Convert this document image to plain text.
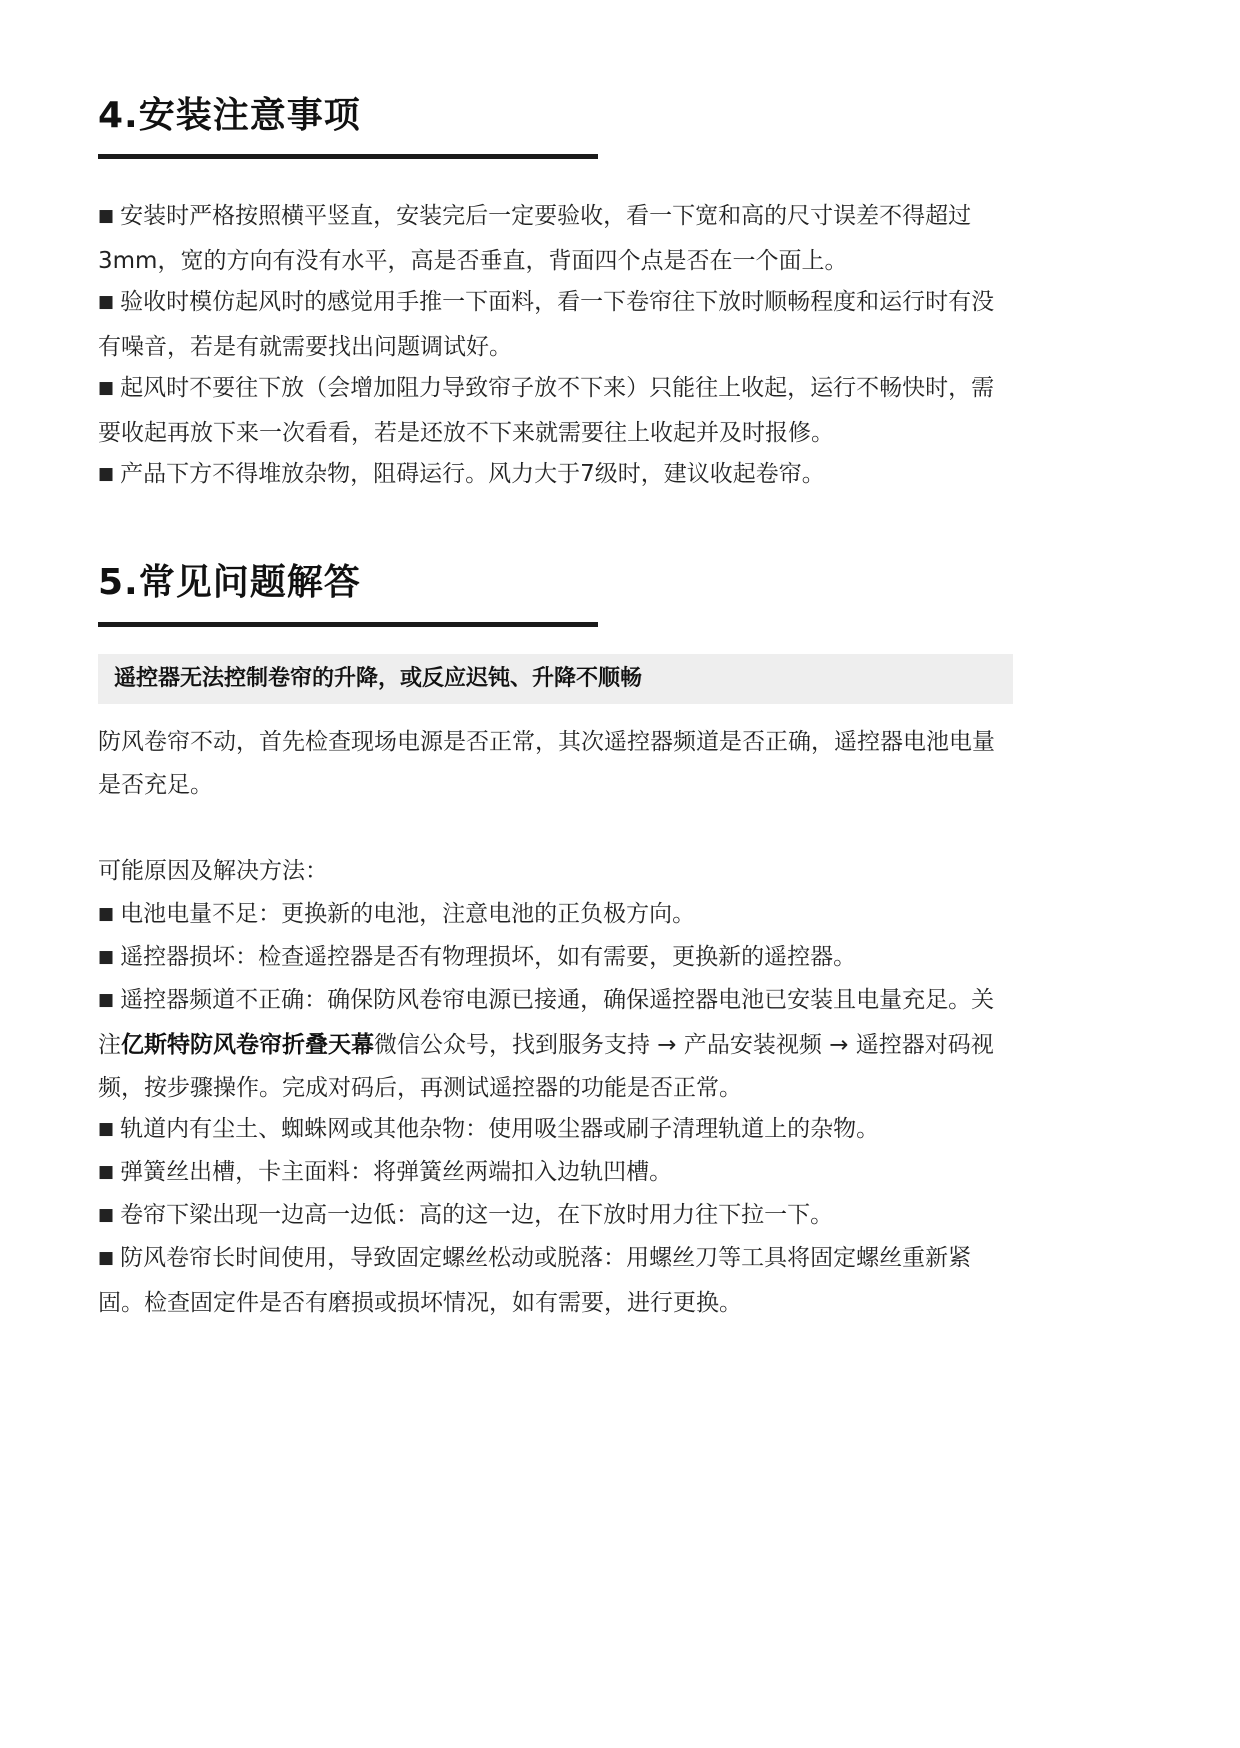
4.安装注意事项

■ 安装时严格按照横平竖直，安装完后一定要验收，看一下宽和高的尺寸误差不得超过3mm，宽的方向有没有水平，高是否垂直，背面四个点是否在一个面上。

■ 验收时模仿起风时的感觉用手推一下面料，看一下卷帘往下放时顺畅程度和运行时有没有噪音，若是有就需要找出问题调试好。

■ 起风时不要往下放（会增加阻力导致帘子放不下来）只能往上收起，运行不畅快时，需要收起再放下来一次看看，若是还放不下来就需要往上收起并及时报修。

■ 产品下方不得堆放杂物，阻碍运行。风力大于7级时，建议收起卷帘。

5.常见问题解答
遥控器无法控制卷帘的升降，或反应迟钝、升降不顺畅

防风卷帘不动，首先检查现场电源是否正常，其次遥控器频道是否正确，遥控器电池电量是否充足。

可能原因及解决方法：

■ 电池电量不足：更换新的电池，注意电池的正负极方向。

■ 遥控器损坏：检查遥控器是否有物理损坏，如有需要，更换新的遥控器。

■ 遥控器频道不正确：确保防风卷帘电源已接通，确保遥控器电池已安装且电量充足。关注亿斯特防风卷帘折叠天幕微信公众号，找到服务支持 → 产品安装视频 → 遥控器对码视频，按步骤操作。完成对码后，再测试遥控器的功能是否正常。

■ 轨道内有尘土、蜘蛛网或其他杂物：使用吸尘器或刷子清理轨道上的杂物。

■ 弹簧丝出槽，卡主面料：将弹簧丝两端扣入边轨凹槽。

■ 卷帘下梁出现一边高一边低：高的这一边，在下放时用力往下拉一下。

■ 防风卷帘长时间使用，导致固定螺丝松动或脱落：用螺丝刀等工具将固定螺丝重新紧固。检查固定件是否有磨损或损坏情况，如有需要，进行更换。
